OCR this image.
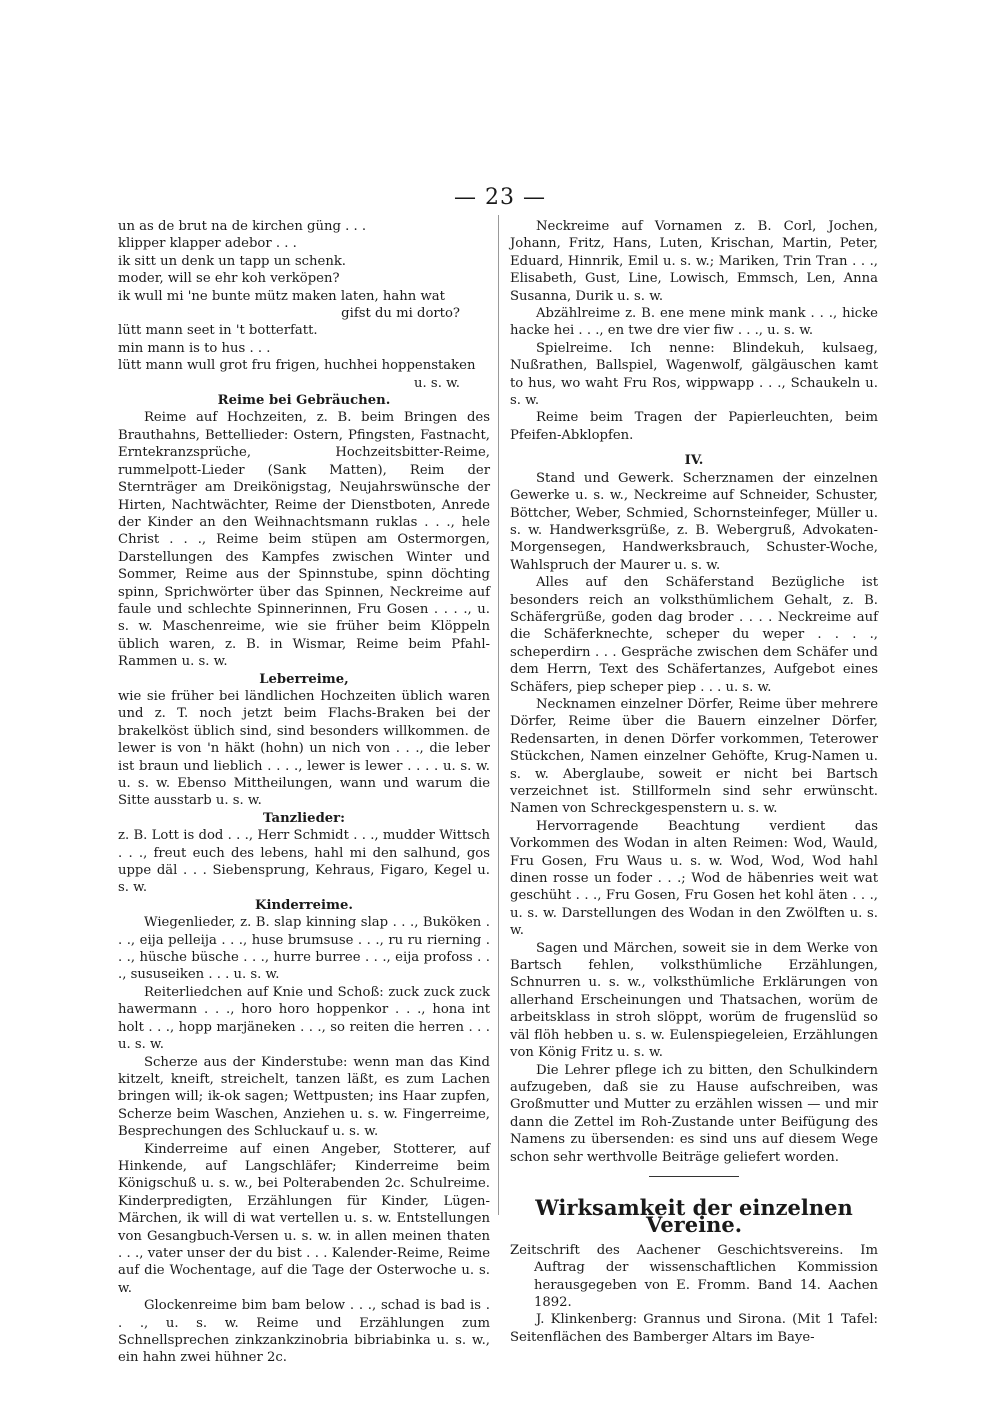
— 23 —

un as de brut na de kirchen güng . . .

klipper klapper adebor . . .

ik sitt un denk un tapp un schenk.

moder, will se ehr koh verköpen?

ik wull mi 'ne bunte mütz maken laten, hahn wat

gifst du mi dorto?

lütt mann seet in 't botterfatt.

min mann is to hus . . .

lütt mann wull grot fru frigen, huchhei hoppenstaken

u. s. w.

Reime bei Gebräuchen.

Reime auf Hochzeiten, z. B. beim Bringen des Brauthahns, Bettellieder: Ostern, Pfingsten, Fastnacht, Erntekranzsprüche, Hochzeitsbitter-Reime, rummelpott-Lieder (Sank Matten), Reim der Sternträger am Dreikönigstag, Neujahrswünsche der Hirten, Nachtwächter, Reime der Dienstboten, Anrede der Kinder an den Weihnachtsmann ruklas . . ., hele Christ . . ., Reime beim stüpen am Ostermorgen, Darstellungen des Kampfes zwischen Winter und Sommer, Reime aus der Spinnstube, spinn döchting spinn, Sprichwörter über das Spinnen, Neckreime auf faule und schlechte Spinnerinnen, Fru Gosen . . . ., u. s. w. Maschenreime, wie sie früher beim Klöppeln üblich waren, z. B. in Wismar, Reime beim Pfahl-Rammen u. s. w.

Leberreime,

wie sie früher bei ländlichen Hochzeiten üblich waren und z. T. noch jetzt beim Flachs-Braken bei der brakelköst üblich sind, sind besonders willkommen. de lewer is von 'n häkt (hohn) un nich von . . ., die leber ist braun und lieblich . . . ., lewer is lewer . . . . u. s. w. u. s. w. Ebenso Mittheilungen, wann und warum die Sitte ausstarb u. s. w.

Tanzlieder:

z. B. Lott is dod . . ., Herr Schmidt . . ., mudder Wittsch . . ., freut euch des lebens, hahl mi den salhund, gos uppe däl . . . Siebensprung, Kehraus, Figaro, Kegel u. s. w.

Kinderreime.

Wiegenlieder, z. B. slap kinning slap . . ., Buköken . . ., eija pelleija . . ., huse brumsuse . . ., ru ru rierning . . ., hüsche büsche . . ., hurre burree . . ., eija profoss . . ., sususeiken . . . u. s. w.

Reiterliedchen auf Knie und Schoß: zuck zuck zuck hawermann . . ., horo horo hoppenkor . . ., hona int holt . . ., hopp marjäneken . . ., so reiten die herren . . . u. s. w.

Scherze aus der Kinderstube: wenn man das Kind kitzelt, kneift, streichelt, tanzen läßt, es zum Lachen bringen will; ik-ok sagen; Wettpusten; ins Haar zupfen, Scherze beim Waschen, Anziehen u. s. w. Fingerreime, Besprechungen des Schluckauf u. s. w.

Kinderreime auf einen Angeber, Stotterer, auf Hinkende, auf Langschläfer; Kinderreime beim Königschuß u. s. w., bei Polterabenden 2c. Schulreime. Kinderpredigten, Erzählungen für Kinder, Lügen-Märchen, ik will di wat vertellen u. s. w. Entstellungen von Gesangbuch-Versen u. s. w. in allen meinen thaten . . ., vater unser der du bist . . . Kalender-Reime, Reime auf die Wochentage, auf die Tage der Osterwoche u. s. w.

Glockenreime bim bam below . . ., schad is bad is . . ., u. s. w. Reime und Erzählungen zum Schnellsprechen zinkzankzinobria bibriabinka u. s. w., ein hahn zwei hühner 2c.

Neckreime auf Vornamen z. B. Corl, Jochen, Johann, Fritz, Hans, Luten, Krischan, Martin, Peter, Eduard, Hinnrik, Emil u. s. w.; Mariken, Trin Tran . . ., Elisabeth, Gust, Line, Lowisch, Emmsch, Len, Anna Susanna, Durik u. s. w.

Abzählreime z. B. ene mene mink mank . . ., hicke hacke hei . . ., en twe dre vier fiw . . ., u. s. w.

Spielreime. Ich nenne: Blindekuh, kulsaeg, Nußrathen, Ballspiel, Wagenwolf, gälgäuschen kamt to hus, wo waht Fru Ros, wippwapp . . ., Schaukeln u. s. w.

Reime beim Tragen der Papierleuchten, beim Pfeifen-Abklopfen.

IV.

Stand und Gewerk. Scherznamen der einzelnen Gewerke u. s. w., Neckreime auf Schneider, Schuster, Böttcher, Weber, Schmied, Schornsteinfeger, Müller u. s. w. Handwerksgrüße, z. B. Webergruß, Advokaten-Morgensegen, Handwerksbrauch, Schuster-Woche, Wahlspruch der Maurer u. s. w.

Alles auf den Schäferstand Bezügliche ist besonders reich an volksthümlichem Gehalt, z. B. Schäfergrüße, goden dag broder . . . . Neckreime auf die Schäferknechte, scheper du weper . . . ., scheperdirn . . . Gespräche zwischen dem Schäfer und dem Herrn, Text des Schäfertanzes, Aufgebot eines Schäfers, piep scheper piep . . . u. s. w.

Necknamen einzelner Dörfer, Reime über mehrere Dörfer, Reime über die Bauern einzelner Dörfer, Redensarten, in denen Dörfer vorkommen, Teterower Stückchen, Namen einzelner Gehöfte, Krug-Namen u. s. w. Aberglaube, soweit er nicht bei Bartsch verzeichnet ist. Stillformeln sind sehr erwünscht. Namen von Schreckgespenstern u. s. w.

Hervorragende Beachtung verdient das Vorkommen des Wodan in alten Reimen: Wod, Wauld, Fru Gosen, Fru Waus u. s. w. Wod, Wod, Wod hahl dinen rosse un foder . . .; Wod de häbenries weit wat geschüht . . ., Fru Gosen, Fru Gosen het kohl äten . . ., u. s. w. Darstellungen des Wodan in den Zwölften u. s. w.

Sagen und Märchen, soweit sie in dem Werke von Bartsch fehlen, volksthümliche Erzählungen, Schnurren u. s. w., volksthümliche Erklärungen von allerhand Erscheinungen und Thatsachen, worüm de arbeitsklass in stroh slöppt, worüm de frugenslüd so väl flöh hebben u. s. w. Eulenspiegeleien, Erzählungen von König Fritz u. s. w.

Die Lehrer pflege ich zu bitten, den Schulkindern aufzugeben, daß sie zu Hause aufschreiben, was Großmutter und Mutter zu erzählen wissen — und mir dann die Zettel im Roh-Zustande unter Beifügung des Namens zu übersenden: es sind uns auf diesem Wege schon sehr werthvolle Beiträge geliefert worden.

Wirksamkeit der einzelnen Vereine.

Zeitschrift des Aachener Geschichtsvereins. Im Auftrag der wissenschaftlichen Kommission herausgegeben von E. Fromm. Band 14. Aachen 1892.

J. Klinkenberg: Grannus und Sirona. (Mit 1 Tafel: Seitenflächen des Bamberger Altars im Baye-
